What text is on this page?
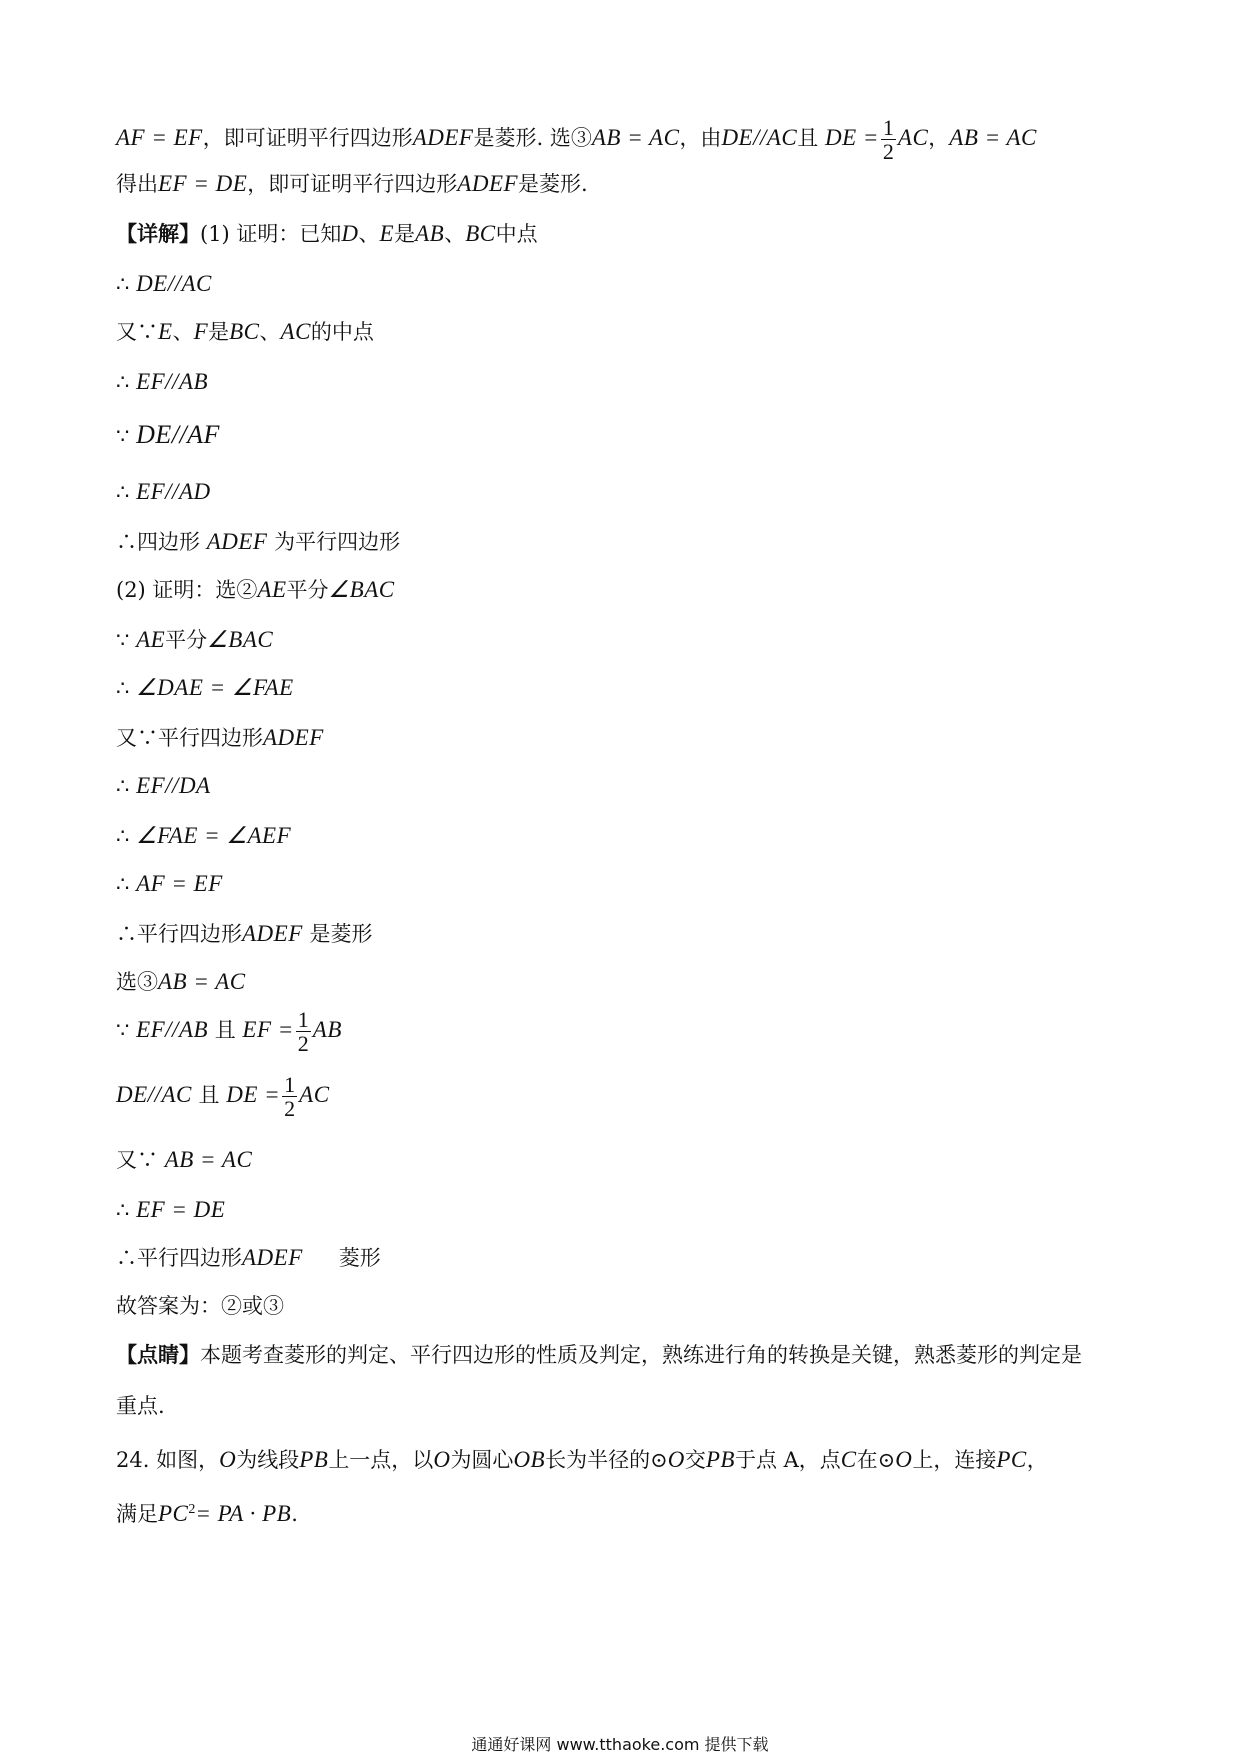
AF = EF，即可证明平行四边形ADEF是菱形. 选③AB = AC，由DE//AC且 DE = $\frac{1}{2}$ AC，AB = AC
得出EF = DE，即可证明平行四边形ADEF是菱形.
【详解】(1) 证明：已知D、E是AB、BC中点
∴ DE//AC
又∵E、F是BC、AC的中点
∴ EF//AB
∵ DE//AF
∴ EF//AD
∴四边形 ADEF 为平行四边形
(2) 证明：选②AE平分∠BAC
∵ AE平分∠BAC
∴ ∠DAE = ∠FAE
又∵平行四边形ADEF
∴ EF//DA
∴ ∠FAE = ∠AEF
∴ AF = EF
∴平行四边形ADEF 是菱形
选③AB = AC
∵ EF//AB 且 EF = $\frac{1}{2}$ AB
DE//AC 且 DE = $\frac{1}{2}$ AC
又∵ AB = AC
∴ EF = DE
∴平行四边形ADEF 菱形
故答案为：②或③
【点睛】本题考查菱形的判定、平行四边形的性质及判定，熟练进行角的转换是关键，熟悉菱形的判定是
重点.
24. 如图，O为线段PB上一点，以O为圆心OB长为半径的⊙O交PB于点 A，点C在⊙O上，连接PC，
满足$PC^2=$ PA · PB.
通通好课网 www.tthaoke.com 提供下载
